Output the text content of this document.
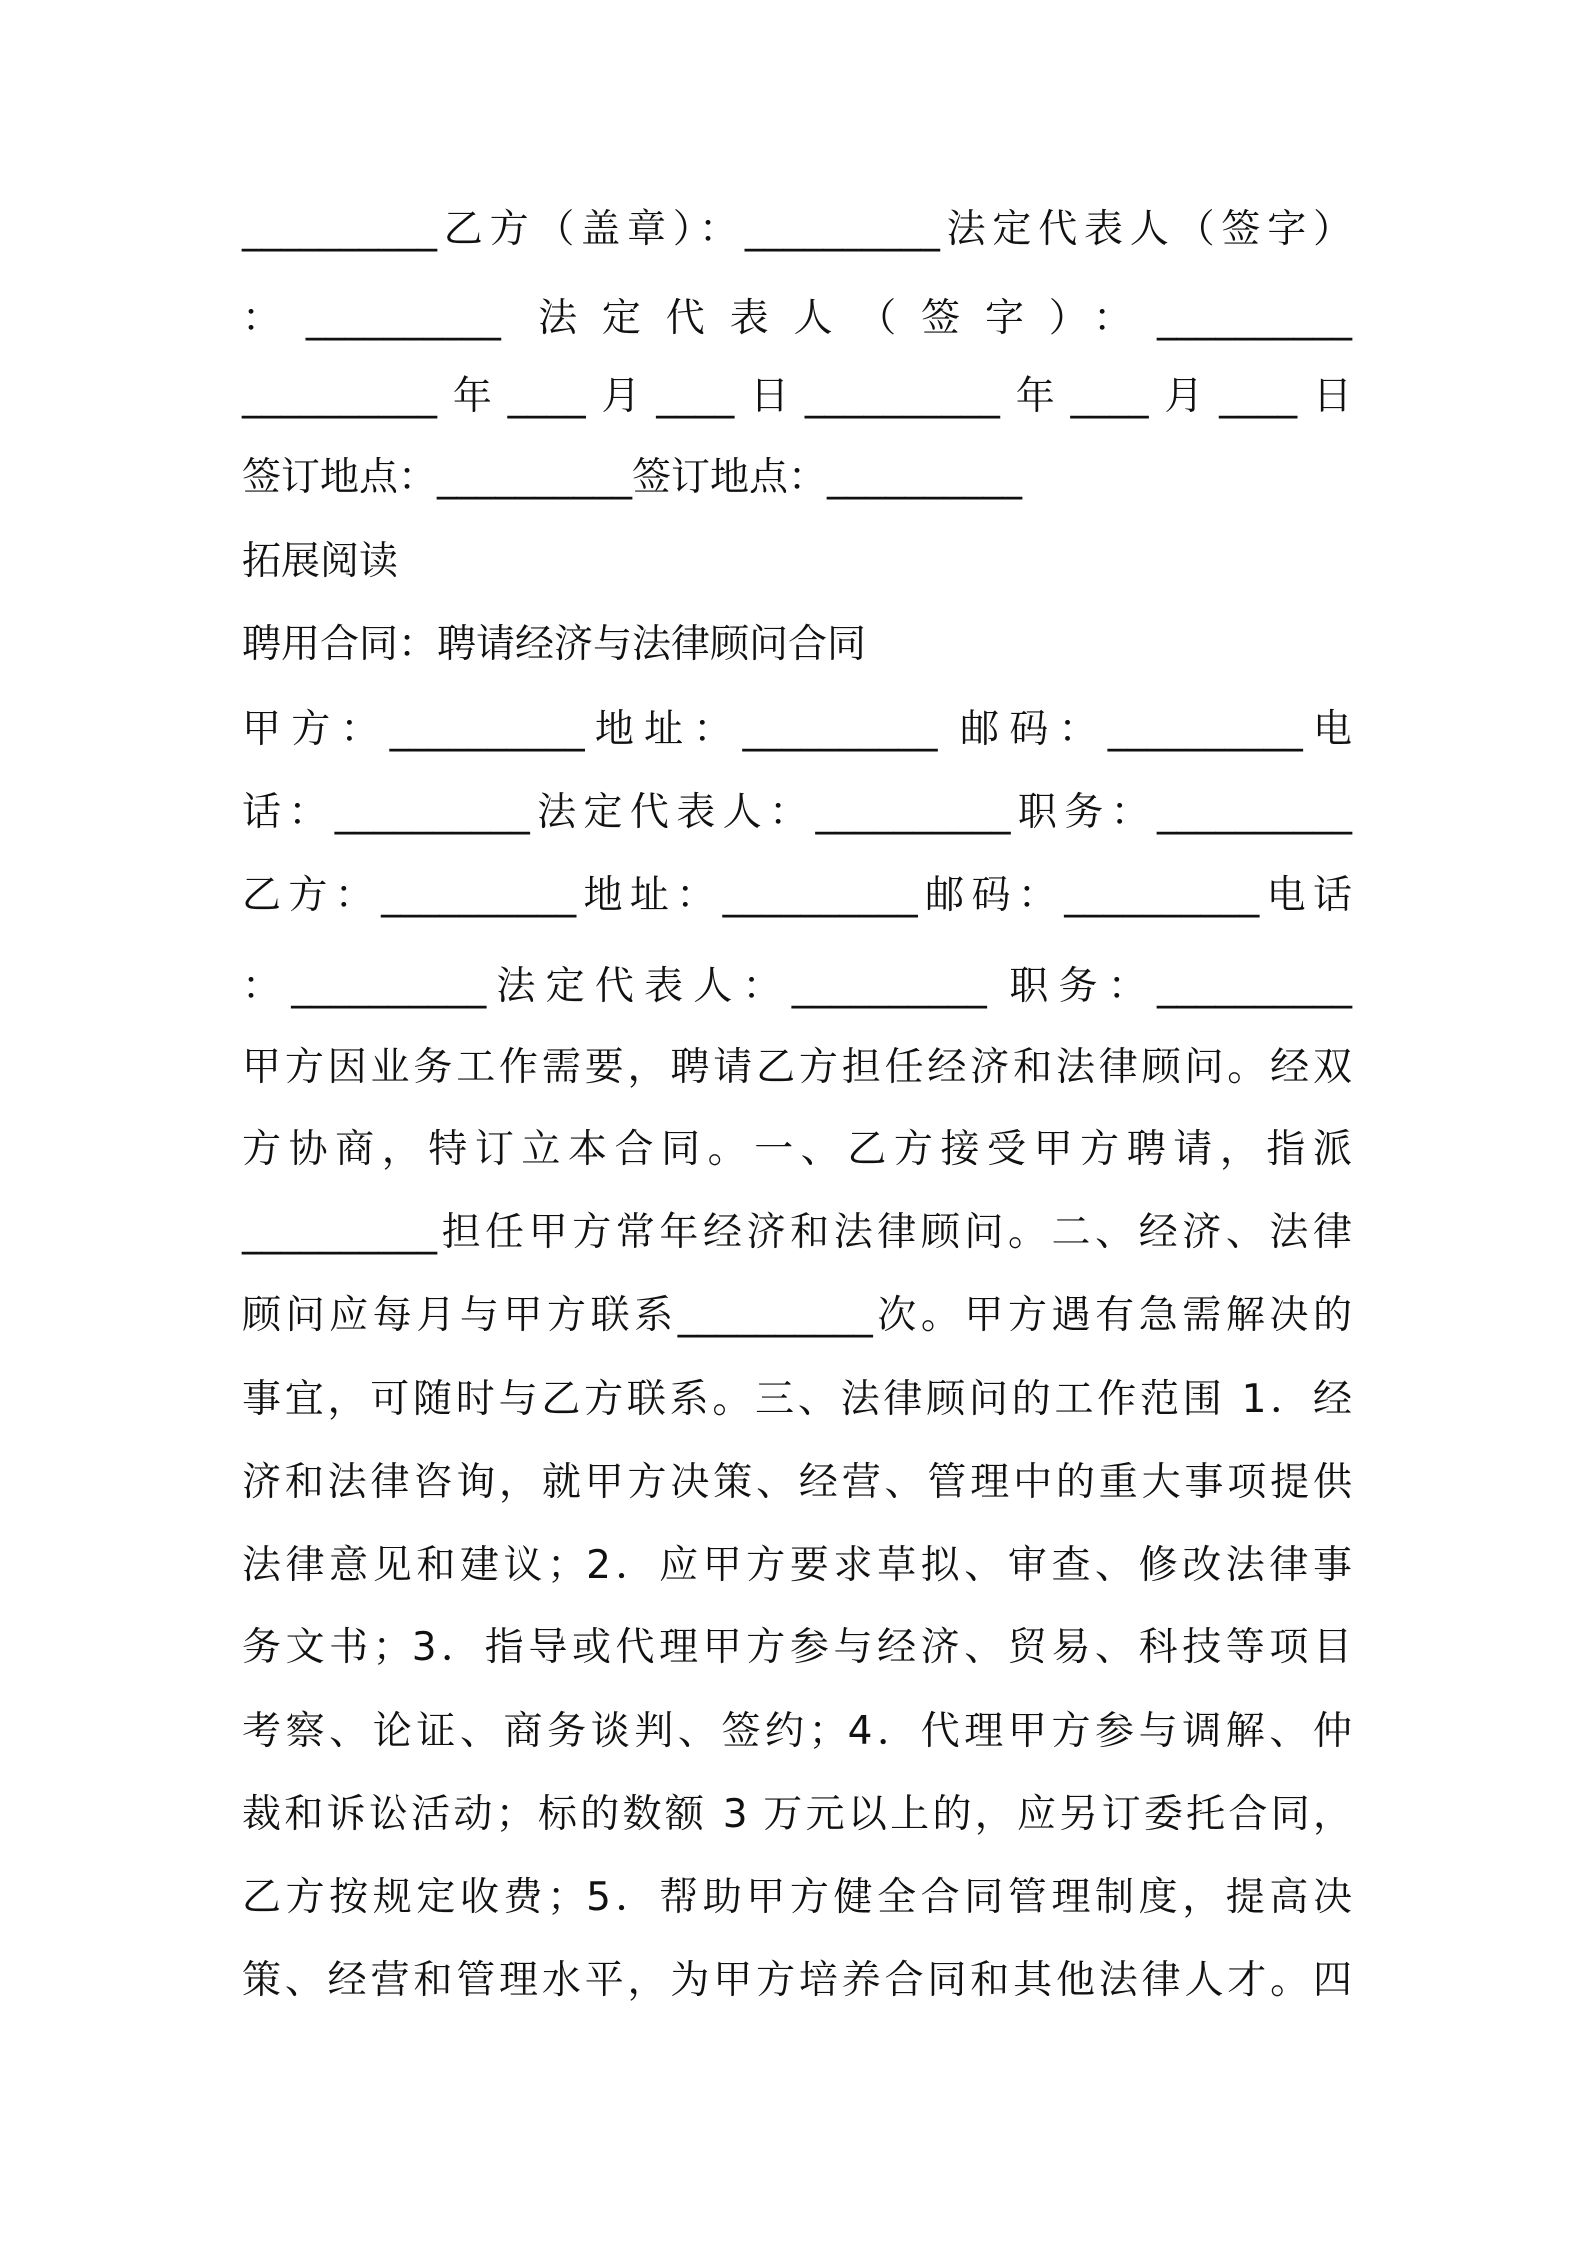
__________乙方（盖章）：__________法定代表人（签字）
：__________ 法定代表人（签字）：__________
__________年____月____日__________年____月____日
签订地点：__________签订地点：__________
拓展阅读
聘用合同：聘请经济与法律顾问合同
甲方：__________地址：__________ 邮码：__________电
话：__________法定代表人：__________职务：__________
乙方：__________地址：__________邮码：__________电话
：__________法定代表人：__________ 职务：__________
甲方因业务工作需要，聘请乙方担任经济和法律顾问。经双
方协商，特订立本合同。一、乙方接受甲方聘请，指派
__________担任甲方常年经济和法律顾问。二、经济、法律
顾问应每月与甲方联系__________次。甲方遇有急需解决的
事宜，可随时与乙方联系。三、法律顾问的工作范围 1．经
济和法律咨询，就甲方决策、经营、管理中的重大事项提供
法律意见和建议；2．应甲方要求草拟、审查、修改法律事
务文书；3．指导或代理甲方参与经济、贸易、科技等项目
考察、论证、商务谈判、签约；4．代理甲方参与调解、仲
裁和诉讼活动；标的数额 3 万元以上的，应另订委托合同，
乙方按规定收费；5．帮助甲方健全合同管理制度，提高决
策、经营和管理水平，为甲方培养合同和其他法律人才。四
